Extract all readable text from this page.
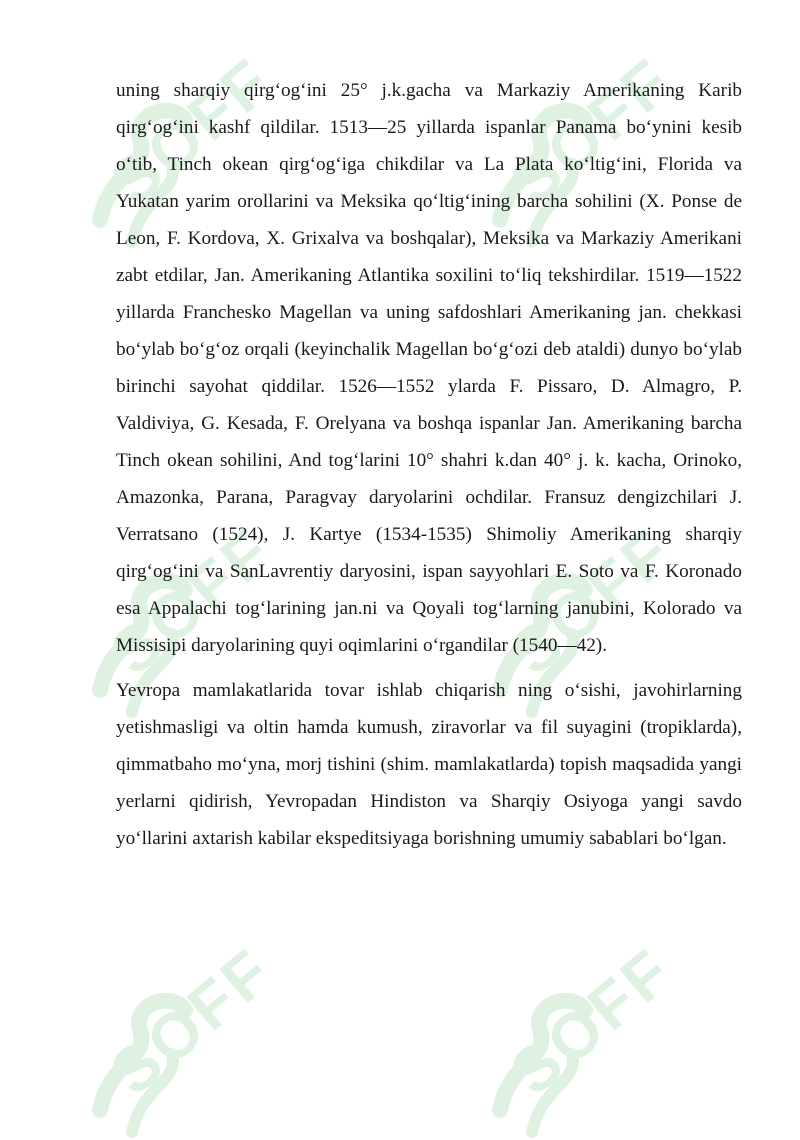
uning sharqiy qirg‘og‘ini 25° j.k.gacha va Markaziy Amerikaning Karib qirg‘og‘ini kashf qildilar. 1513—25 yillarda ispanlar Panama bo‘ynini kesib o‘tib, Tinch okean qirg‘og‘iga chikdilar va La Plata ko‘ltig‘ini, Florida va Yukatan yarim orollarini va Meksika qo‘ltig‘ining barcha sohilini (X. Ponse de Leon, F. Kordova, X. Grixalva va boshqalar), Meksika va Markaziy Amerikani zabt etdilar, Jan. Amerikaning Atlantika soxilini to‘liq tekshirdilar. 1519—1522 yillarda Franchesko Magellan va uning safdoshlari Amerikaning jan. chekkasi bo‘ylab bo‘g‘oz orqali (keyinchalik Magellan bo‘g‘ozi deb ataldi) dunyo bo‘ylab birinchi sayohat qiddilar. 1526—1552 ylarda F. Pissaro, D. Almagro, P. Valdiviya, G. Kesada, F. Orelyana va boshqa ispanlar Jan. Amerikaning barcha Tinch okean sohilini, And tog‘larini 10° shahri k.dan 40° j. k. kacha, Orinoko, Amazonka, Parana, Paragvay daryolarini ochdilar. Fransuz dengizchilari J. Verratsano (1524), J. Kartye (1534-1535) Shimoliy Amerikaning sharqiy qirg‘og‘ini va SanLavrentiy daryosini, ispan sayyohlari E. Soto va F. Koronado esa Appalachi tog‘larining jan.ni va Qoyali tog‘larning janubini, Kolorado va Missisipi daryolarining quyi oqimlarini o‘rgandilar (1540—42).

Yevropa mamlakatlarida tovar ishlab chiqarish ning o‘sishi, javohirlarning yetishmasligi va oltin hamda kumush, ziravorlar va fil suyagini (tropiklarda), qimmatbaho mo‘yna, morj tishini (shim. mamlakatlarda) topish maqsadida yangi yerlarni qidirish, Yevropadan Hindiston va Sharqiy Osiyoga yangi savdo yo‘llarini axtarish kabilar ekspeditsiyaga borishning umumiy sabablari bo‘lgan.
